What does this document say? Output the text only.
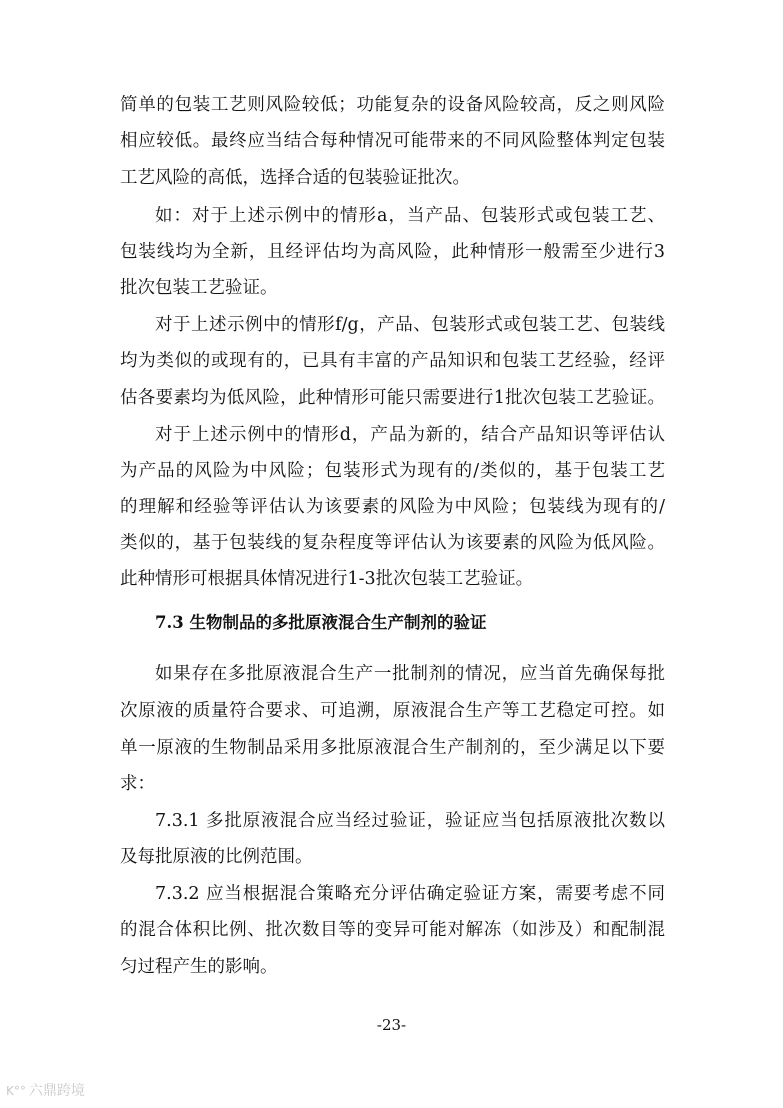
简单的包装工艺则风险较低；功能复杂的设备风险较高，反之则风险
相应较低。最终应当结合每种情况可能带来的不同风险整体判定包装
工艺风险的高低，选择合适的包装验证批次。
如：对于上述示例中的情形a，当产品、包装形式或包装工艺、
包装线均为全新，且经评估均为高风险，此种情形一般需至少进行3
批次包装工艺验证。
对于上述示例中的情形f/g，产品、包装形式或包装工艺、包装线
均为类似的或现有的，已具有丰富的产品知识和包装工艺经验，经评
估各要素均为低风险，此种情形可能只需要进行1批次包装工艺验证。
对于上述示例中的情形d，产品为新的，结合产品知识等评估认
为产品的风险为中风险；包装形式为现有的/类似的，基于包装工艺
的理解和经验等评估认为该要素的风险为中风险；包装线为现有的/
类似的，基于包装线的复杂程度等评估认为该要素的风险为低风险。
此种情形可根据具体情况进行1-3批次包装工艺验证。
7.3 生物制品的多批原液混合生产制剂的验证
如果存在多批原液混合生产一批制剂的情况，应当首先确保每批
次原液的质量符合要求、可追溯，原液混合生产等工艺稳定可控。如
单一原液的生物制品采用多批原液混合生产制剂的，至少满足以下要
求：
7.3.1 多批原液混合应当经过验证，验证应当包括原液批次数以
及每批原液的比例范围。
7.3.2 应当根据混合策略充分评估确定验证方案，需要考虑不同
的混合体积比例、批次数目等的变异可能对解冻（如涉及）和配制混
匀过程产生的影响。
-23-
K°° 六鼎跨境
